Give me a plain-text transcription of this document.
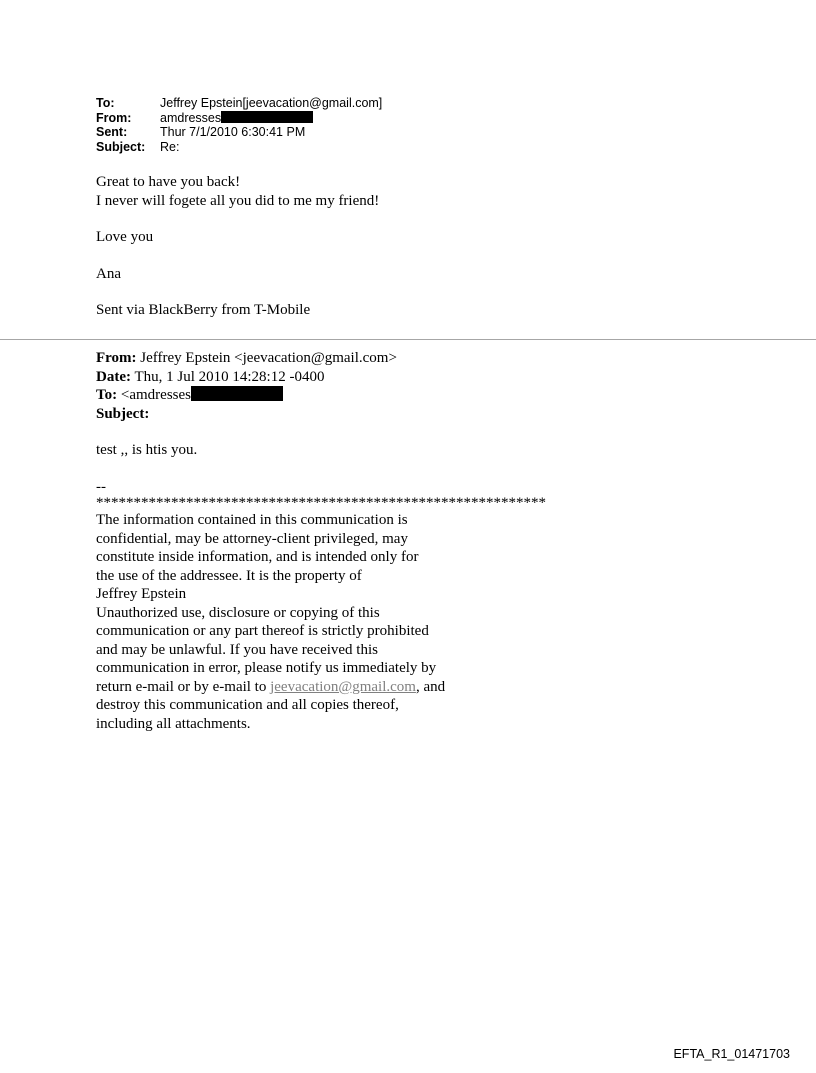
To:	Jeffrey Epstein[jeevacation@gmail.com]
From:	amdresses
Sent:	Thur 7/1/2010 6:30:41 PM
Subject:	Re:

Great to have you back!

I never will fogete all you did to me my friend!

Love you

Ana

Sent via BlackBerry from T-Mobile

From: Jeffrey Epstein <jeevacation@gmail.com>

Date: Thu, 1 Jul 2010 14:28:12 -0400

To: <amdresses

Subject:

test ,, is htis you.

--

************************************************************

The information contained in this communication is

confidential, may be attorney-client privileged, may

constitute inside information, and is intended only for

the use of the addressee. It is the property of

Jeffrey Epstein

Unauthorized use, disclosure or copying of this

communication or any part thereof is strictly prohibited

and may be unlawful. If you have received this

communication in error, please notify us immediately by

return e-mail or by e-mail to jeevacation@gmail.com, and

destroy this communication and all copies thereof,

including all attachments.

EFTA_R1_01471703
